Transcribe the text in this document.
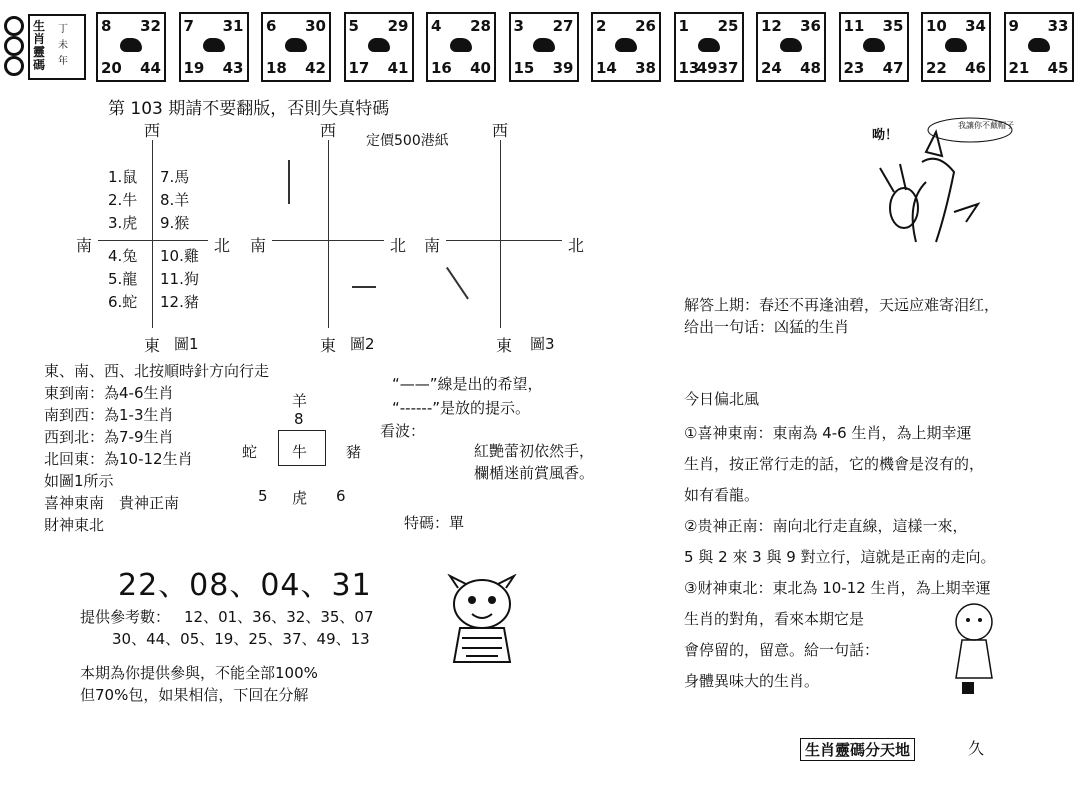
生肖靈碼
丁未年
8 32
20 44
7 31
19 43
6 30
18 42
5 29
17 41
4 28
16 40
3 27
15 39
2 26
14 38
1 25
13
4937
12 36
24 48
11 35
23 47
10 34
22 46
9 33
21 45
第 103 期請不要翻版，否則失真特碼
西
南	北
東 圖1
1.鼠
2.牛
3.虎
4.兔
5.龍
6.蛇
7.馬
8.羊
9.猴
10.雞
11.狗
12.豬
西
南	北
東 圖2
定價500港紙
西
南	北
東 圖3
東、南、西、北按順時針方向行走
東到南：為4-6生肖
南到西：為1-3生肖
西到北：為7-9生肖
北回東：為10-12生肖
如圖1所示
喜神東南　貴神正南
財神東北
羊
8
蛇 牛	豬
5 虎 6
“——”線是出的希望，
“------”是放的提示。
看波：
紅艷蕾初依然手，
欄楯迷前賞風香。
特碼：單
22、08、04、31
提供參考數： 12、01、36、32、35、07
30、44、05、19、25、37、49、13
本期為你提供參與，不能全部100%
但70%包，如果相信，下回在分解
我讓你不戴帽子
呦！
解答上期：春还不再逢油碧，天远应难寄泪红，
给出一句话：凶猛的生肖
今日偏北風
①喜神東南：東南為 4-6 生肖，為上期幸運
生肖，按正常行走的話，它的機會是沒有的，
如有看龍。
②贵神正南：南向北行走直線，這樣一來，
5 與 2 來 3 與 9 對立行，這就是正南的走向。
③财神東北：東北為 10-12 生肖，為上期幸運
生肖的對角，看來本期它是
會停留的，留意。給一句話：
身體異味大的生肖。
生肖靈碼分天地	久
